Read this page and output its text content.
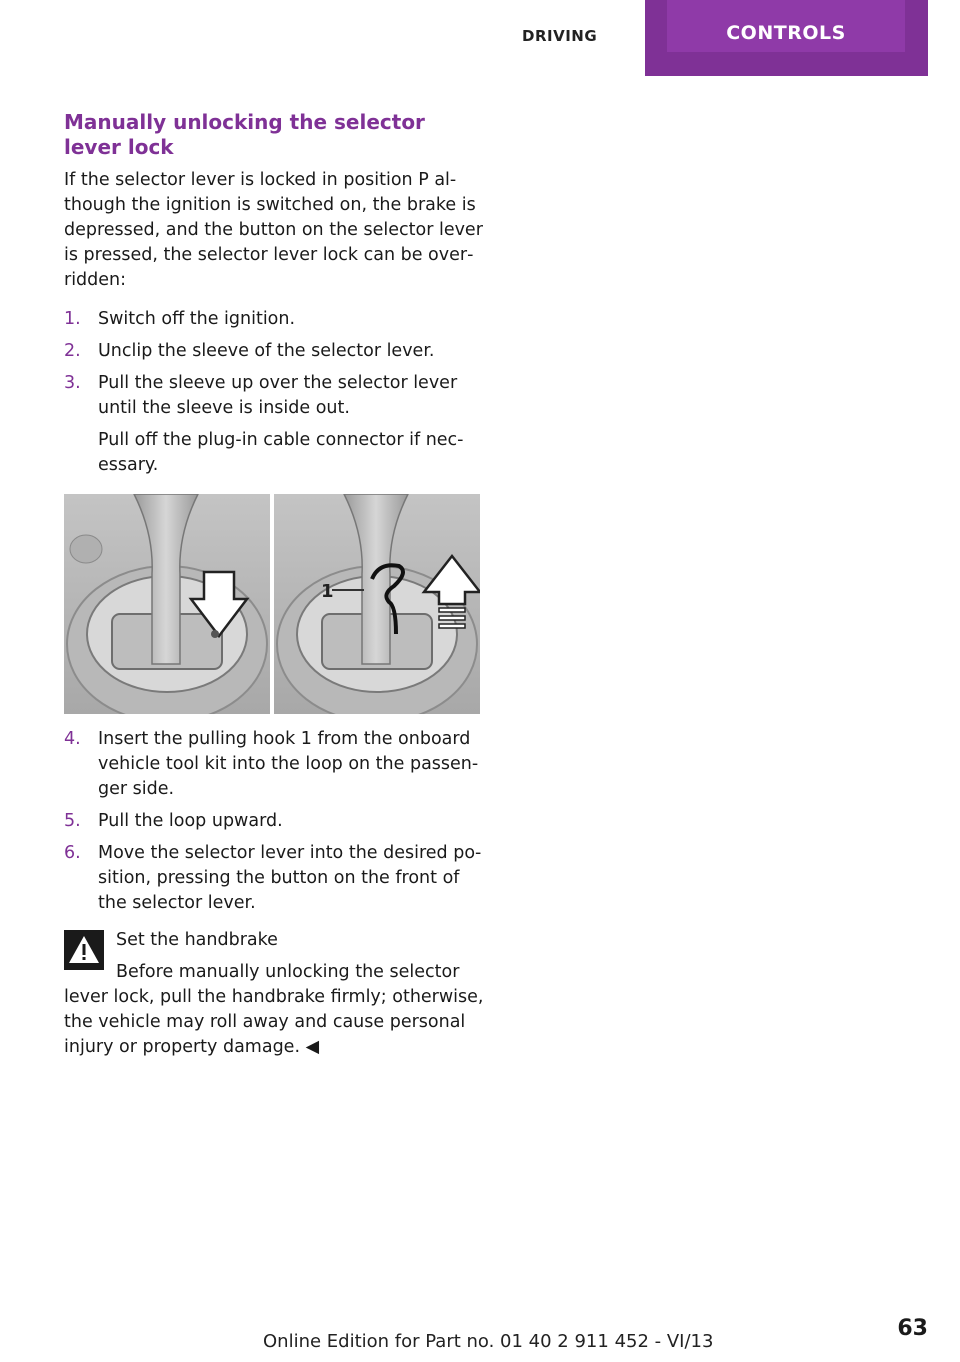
DRIVING	CONTROLS
Manually unlocking the selector lever lock
If the selector lever is locked in position P al‐ though the ignition is switched on, the brake is depressed, and the button on the selector lever is pressed, the selector lever lock can be over‐ ridden:
1. Switch off the ignition.
2. Unclip the sleeve of the selector lever.
3. Pull the sleeve up over the selector lever until the sleeve is inside out.
Pull off the plug-in cable connector if nec‐ essary.
1
4. Insert the pulling hook 1 from the onboard vehicle tool kit into the loop on the passen‐ ger side.
5. Pull the loop upward.
6. Move the selector lever into the desired po‐ sition, pressing the button on the front of the selector lever.
Set the handbrake
Before manually unlocking the selector lever lock, pull the handbrake firmly; otherwise, the vehicle may roll away and cause personal injury or property damage. ◀
63
Online Edition for Part no. 01 40 2 911 452 - VI/13
